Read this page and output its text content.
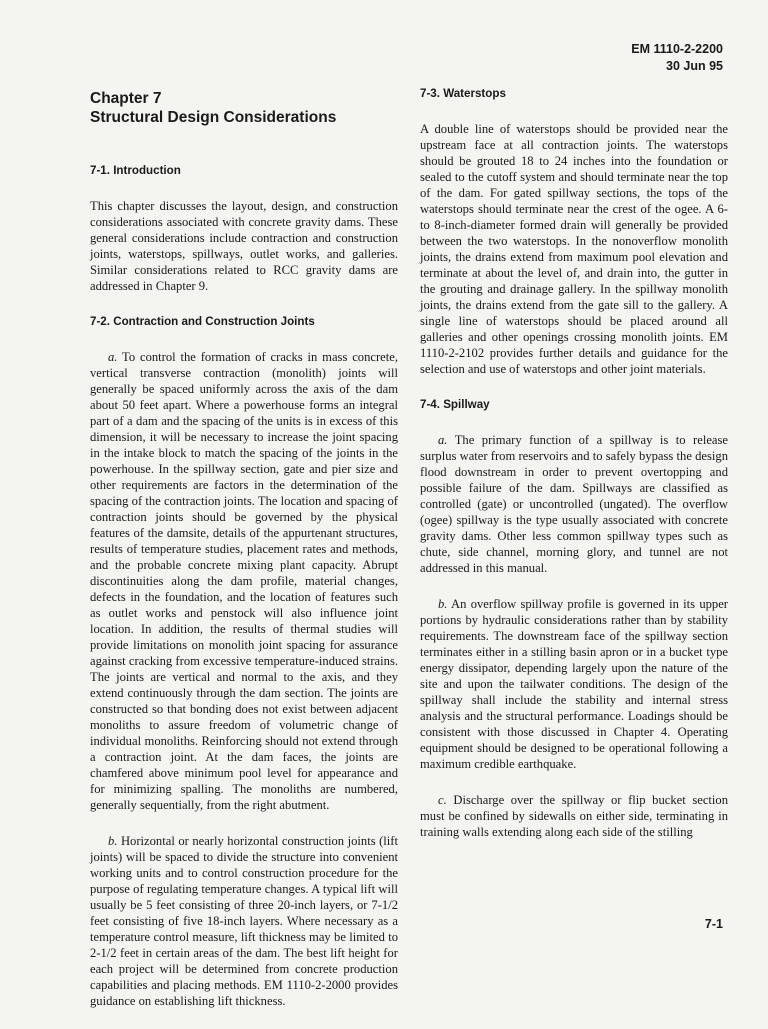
EM 1110-2-2200
30 Jun 95
Chapter 7
Structural Design Considerations
7-1. Introduction

This chapter discusses the layout, design, and construction considerations associated with concrete gravity dams. These general considerations include contraction and construction joints, waterstops, spillways, outlet works, and galleries. Similar considerations related to RCC gravity dams are addressed in Chapter 9.

7-2. Contraction and Construction Joints

a. To control the formation of cracks in mass concrete, vertical transverse contraction (monolith) joints will generally be spaced uniformly across the axis of the dam about 50 feet apart. Where a powerhouse forms an integral part of a dam and the spacing of the units is in excess of this dimension, it will be necessary to increase the joint spacing in the intake block to match the spacing of the joints in the powerhouse. In the spillway section, gate and pier size and other requirements are factors in the determination of the spacing of the contraction joints. The location and spacing of contraction joints should be governed by the physical features of the damsite, details of the appurtenant structures, results of temperature studies, placement rates and methods, and the probable concrete mixing plant capacity. Abrupt discontinuities along the dam profile, material changes, defects in the foundation, and the location of features such as outlet works and penstock will also influence joint location. In addition, the results of thermal studies will provide limitations on monolith joint spacing for assurance against cracking from excessive temperature-induced strains. The joints are vertical and normal to the axis, and they extend continuously through the dam section. The joints are constructed so that bonding does not exist between adjacent monoliths to assure freedom of volumetric change of individual monoliths. Reinforcing should not extend through a contraction joint. At the dam faces, the joints are chamfered above minimum pool level for appearance and for minimizing spalling. The monoliths are numbered, generally sequentially, from the right abutment.

b. Horizontal or nearly horizontal construction joints (lift joints) will be spaced to divide the structure into convenient working units and to control construction procedure for the purpose of regulating temperature changes. A typical lift will usually be 5 feet consisting of three 20-inch layers, or 7-1/2 feet consisting of five 18-inch layers. Where necessary as a temperature control measure, lift thickness may be limited to 2-1/2 feet in certain areas of the dam. The best lift height for each project will be determined from concrete production capabilities and placing methods. EM 1110-2-2000 provides guidance on establishing lift thickness.

7-3. Waterstops

A double line of waterstops should be provided near the upstream face at all contraction joints. The waterstops should be grouted 18 to 24 inches into the foundation or sealed to the cutoff system and should terminate near the top of the dam. For gated spillway sections, the tops of the waterstops should terminate near the crest of the ogee. A 6- to 8-inch-diameter formed drain will generally be provided between the two waterstops. In the nonoverflow monolith joints, the drains extend from maximum pool elevation and terminate at about the level of, and drain into, the gutter in the grouting and drainage gallery. In the spillway monolith joints, the drains extend from the gate sill to the gallery. A single line of waterstops should be placed around all galleries and other openings crossing monolith joints. EM 1110-2-2102 provides further details and guidance for the selection and use of waterstops and other joint materials.

7-4. Spillway

a. The primary function of a spillway is to release surplus water from reservoirs and to safely bypass the design flood downstream in order to prevent overtopping and possible failure of the dam. Spillways are classified as controlled (gate) or uncontrolled (ungated). The overflow (ogee) spillway is the type usually associated with concrete gravity dams. Other less common spillway types such as chute, side channel, morning glory, and tunnel are not addressed in this manual.

b. An overflow spillway profile is governed in its upper portions by hydraulic considerations rather than by stability requirements. The downstream face of the spillway section terminates either in a stilling basin apron or in a bucket type energy dissipator, depending largely upon the nature of the site and upon the tailwater conditions. The design of the spillway shall include the stability and internal stress analysis and the structural performance. Loadings should be consistent with those discussed in Chapter 4. Operating equipment should be designed to be operational following a maximum credible earthquake.

c. Discharge over the spillway or flip bucket section must be confined by sidewalls on either side, terminating in training walls extending along each side of the stilling

7-1
